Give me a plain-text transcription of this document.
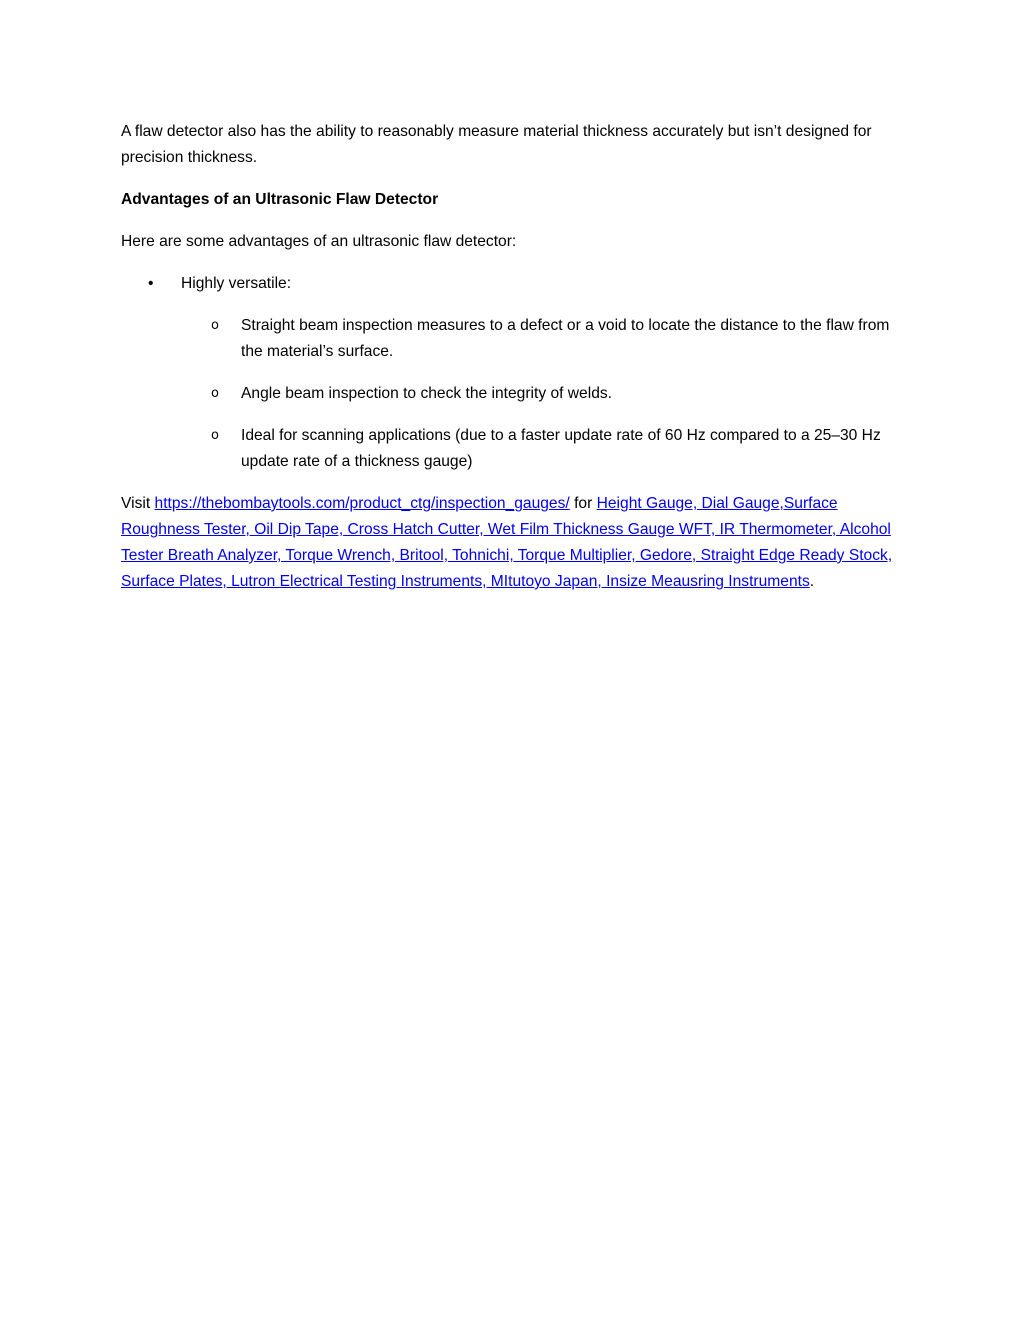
A flaw detector also has the ability to reasonably measure material thickness accurately but isn’t designed for precision thickness.

Advantages of an Ultrasonic Flaw Detector

Here are some advantages of an ultrasonic flaw detector:

• Highly versatile:
o Straight beam inspection measures to a defect or a void to locate the distance to the flaw from the material’s surface.
o Angle beam inspection to check the integrity of welds.
o Ideal for scanning applications (due to a faster update rate of 60 Hz compared to a 25–30 Hz update rate of a thickness gauge)

Visit https://thebombaytools.com/product_ctg/inspection_gauges/ for Height Gauge, Dial Gauge,Surface Roughness Tester, Oil Dip Tape, Cross Hatch Cutter, Wet Film Thickness Gauge WFT, IR Thermometer, Alcohol Tester Breath Analyzer, Torque Wrench, Britool, Tohnichi, Torque Multiplier, Gedore, Straight Edge Ready Stock, Surface Plates, Lutron Electrical Testing Instruments, MItutoyo Japan, Insize Meausring Instruments.
